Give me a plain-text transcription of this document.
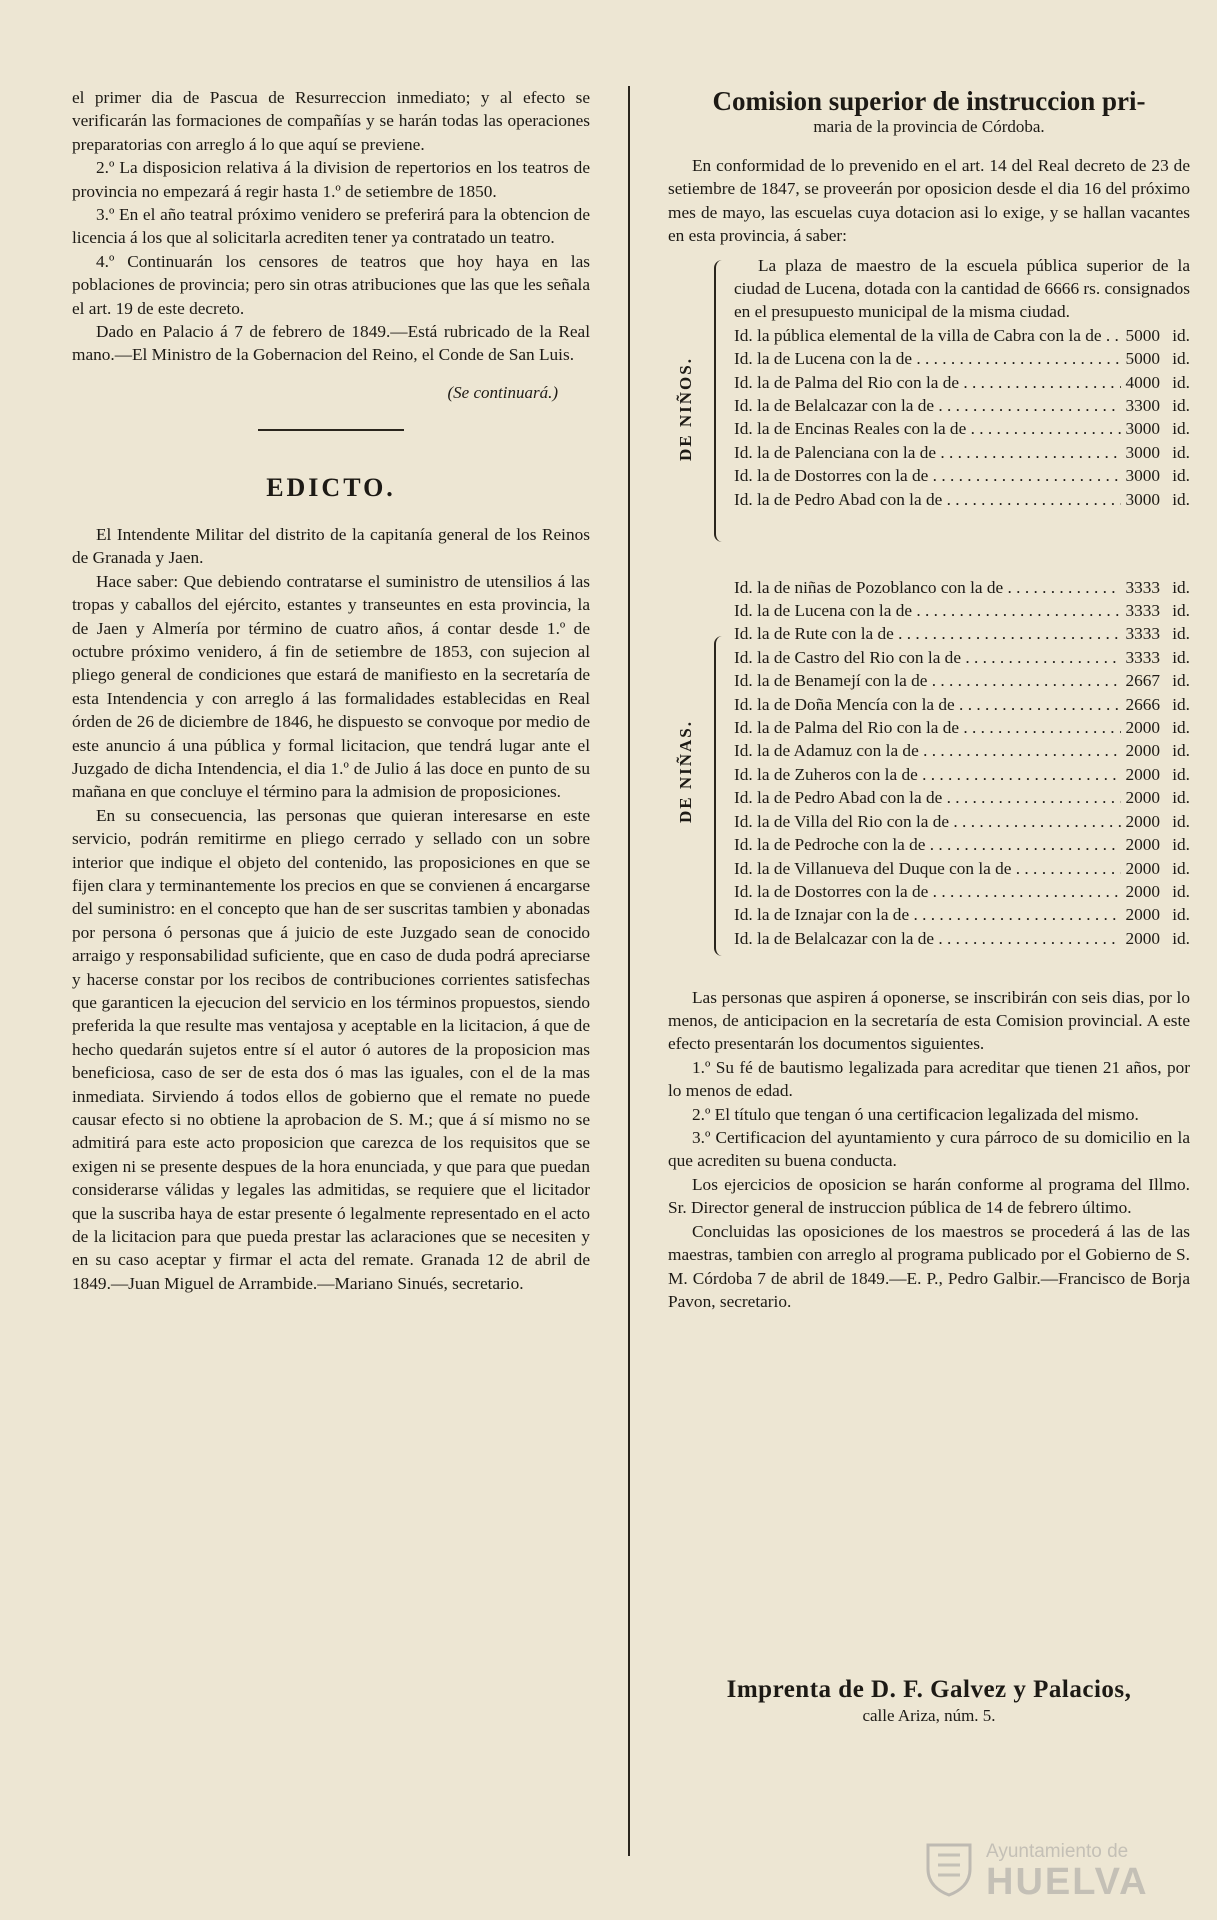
el primer dia de Pascua de Resurreccion inmediato; y al efecto se verificarán las formaciones de compañías y se harán todas las operaciones preparatorias con arreglo á lo que aquí se previene.

2.º La disposicion relativa á la division de repertorios en los teatros de provincia no empezará á regir hasta 1.º de setiembre de 1850.

3.º En el año teatral próximo venidero se preferirá para la obtencion de licencia á los que al solicitarla acrediten tener ya contratado un teatro.

4.º Continuarán los censores de teatros que hoy haya en las poblaciones de provincia; pero sin otras atribuciones que las que les señala el art. 19 de este decreto.

Dado en Palacio á 7 de febrero de 1849.—Está rubricado de la Real mano.—El Ministro de la Gobernacion del Reino, el Conde de San Luis.

(Se continuará.)
EDICTO.

El Intendente Militar del distrito de la capitanía general de los Reinos de Granada y Jaen.

Hace saber: Que debiendo contratarse el suministro de utensilios á las tropas y caballos del ejército, estantes y transeuntes en esta provincia, la de Jaen y Almería por término de cuatro años, á contar desde 1.º de octubre próximo venidero, á fin de setiembre de 1853, con sujecion al pliego general de condiciones que estará de manifiesto en la secretaría de esta Intendencia y con arreglo á las formalidades establecidas en Real órden de 26 de diciembre de 1846, he dispuesto se convoque por medio de este anuncio á una pública y formal licitacion, que tendrá lugar ante el Juzgado de dicha Intendencia, el dia 1.º de Julio á las doce en punto de su mañana en que concluye el término para la admision de proposiciones.

En su consecuencia, las personas que quieran interesarse en este servicio, podrán remitirme en pliego cerrado y sellado con un sobre interior que indique el objeto del contenido, las proposiciones en que se fijen clara y terminantemente los precios en que se convienen á encargarse del suministro: en el concepto que han de ser suscritas tambien y abonadas por persona ó personas que á juicio de este Juzgado sean de conocido arraigo y responsabilidad suficiente, que en caso de duda podrá apreciarse y hacerse constar por los recibos de contribuciones corrientes satisfechas que garanticen la ejecucion del servicio en los términos propuestos, siendo preferida la que resulte mas ventajosa y aceptable en la licitacion, á que de hecho quedarán sujetos entre sí el autor ó autores de la proposicion mas beneficiosa, caso de ser de esta dos ó mas las iguales, con el de la mas inmediata. Sirviendo á todos ellos de gobierno que el remate no puede causar efecto si no obtiene la aprobacion de S. M.; que á sí mismo no se admitirá para este acto proposicion que carezca de los requisitos que se exigen ni se presente despues de la hora enunciada, y que para que puedan considerarse válidas y legales las admitidas, se requiere que el licitador que la suscriba haya de estar presente ó legalmente representado en el acto de la licitacion para que pueda prestar las aclaraciones que se necesiten y en su caso aceptar y firmar el acta del remate. Granada 12 de abril de 1849.—Juan Miguel de Arrambide.—Mariano Sinués, secretario.

Comision superior de instruccion pri-

maria de la provincia de Córdoba.

En conformidad de lo prevenido en el art. 14 del Real decreto de 23 de setiembre de 1847, se proveerán por oposicion desde el dia 16 del próximo mes de mayo, las escuelas cuya dotacion asi lo exige, y se hallan vacantes en esta provincia, á saber:

DE NIÑOS.

La plaza de maestro de la escuela pública superior de la ciudad de Lucena, dotada con la cantidad de 6666 rs. consignados en el presupuesto municipal de la misma ciudad.

Id. la pública elemental de la villa de Cabra con la de . . .	5000 id.
Id. la de Lucena con la de . . .	5000 id.
Id. la de Palma del Rio con la de . . .	4000 id.
Id. la de Belalcazar con la de . . .	3300 id.
Id. la de Encinas Reales con la de . . .	3000 id.
Id. la de Palenciana con la de . . .	3000 id.
Id. la de Dostorres con la de . . .	3000 id.
Id. la de Pedro Abad con la de . . .	3000 id.
DE NIÑAS.
Id. la de niñas de Pozoblanco con la de . . .	3333 id.
Id. la de Lucena con la de . . .	3333 id.
Id. la de Rute con la de . . .	3333 id.
Id. la de Castro del Rio con la de . . .	3333 id.
Id. la de Benamejí con la de . . .	2667 id.
Id. la de Doña Mencía con la de . . .	2666 id.
Id. la de Palma del Rio con la de . . .	2000 id.
Id. la de Adamuz con la de . . .	2000 id.
Id. la de Zuheros con la de . . .	2000 id.
Id. la de Pedro Abad con la de . . .	2000 id.
Id. la de Villa del Rio con la de . . .	2000 id.
Id. la de Pedroche con la de . . .	2000 id.
Id. la de Villanueva del Duque con la de . . .	2000 id.
Id. la de Dostorres con la de . . .	2000 id.
Id. la de Iznajar con la de . . .	2000 id.
Id. la de Belalcazar con la de . . .	2000 id.

Las personas que aspiren á oponerse, se inscribirán con seis dias, por lo menos, de anticipacion en la secretaría de esta Comision provincial. A este efecto presentarán los documentos siguientes.

1.º Su fé de bautismo legalizada para acreditar que tienen 21 años, por lo menos de edad.

2.º El título que tengan ó una certificacion legalizada del mismo.

3.º Certificacion del ayuntamiento y cura párroco de su domicilio en la que acrediten su buena conducta.

Los ejercicios de oposicion se harán conforme al programa del Illmo. Sr. Director general de instruccion pública de 14 de febrero último.

Concluidas las oposiciones de los maestros se procederá á las de las maestras, tambien con arreglo al programa publicado por el Gobierno de S. M. Córdoba 7 de abril de 1849.—E. P., Pedro Galbir.—Francisco de Borja Pavon, secretario.

Imprenta de D. F. Galvez y Palacios,

calle Ariza, núm. 5.

Ayuntamiento de
HUELVA
